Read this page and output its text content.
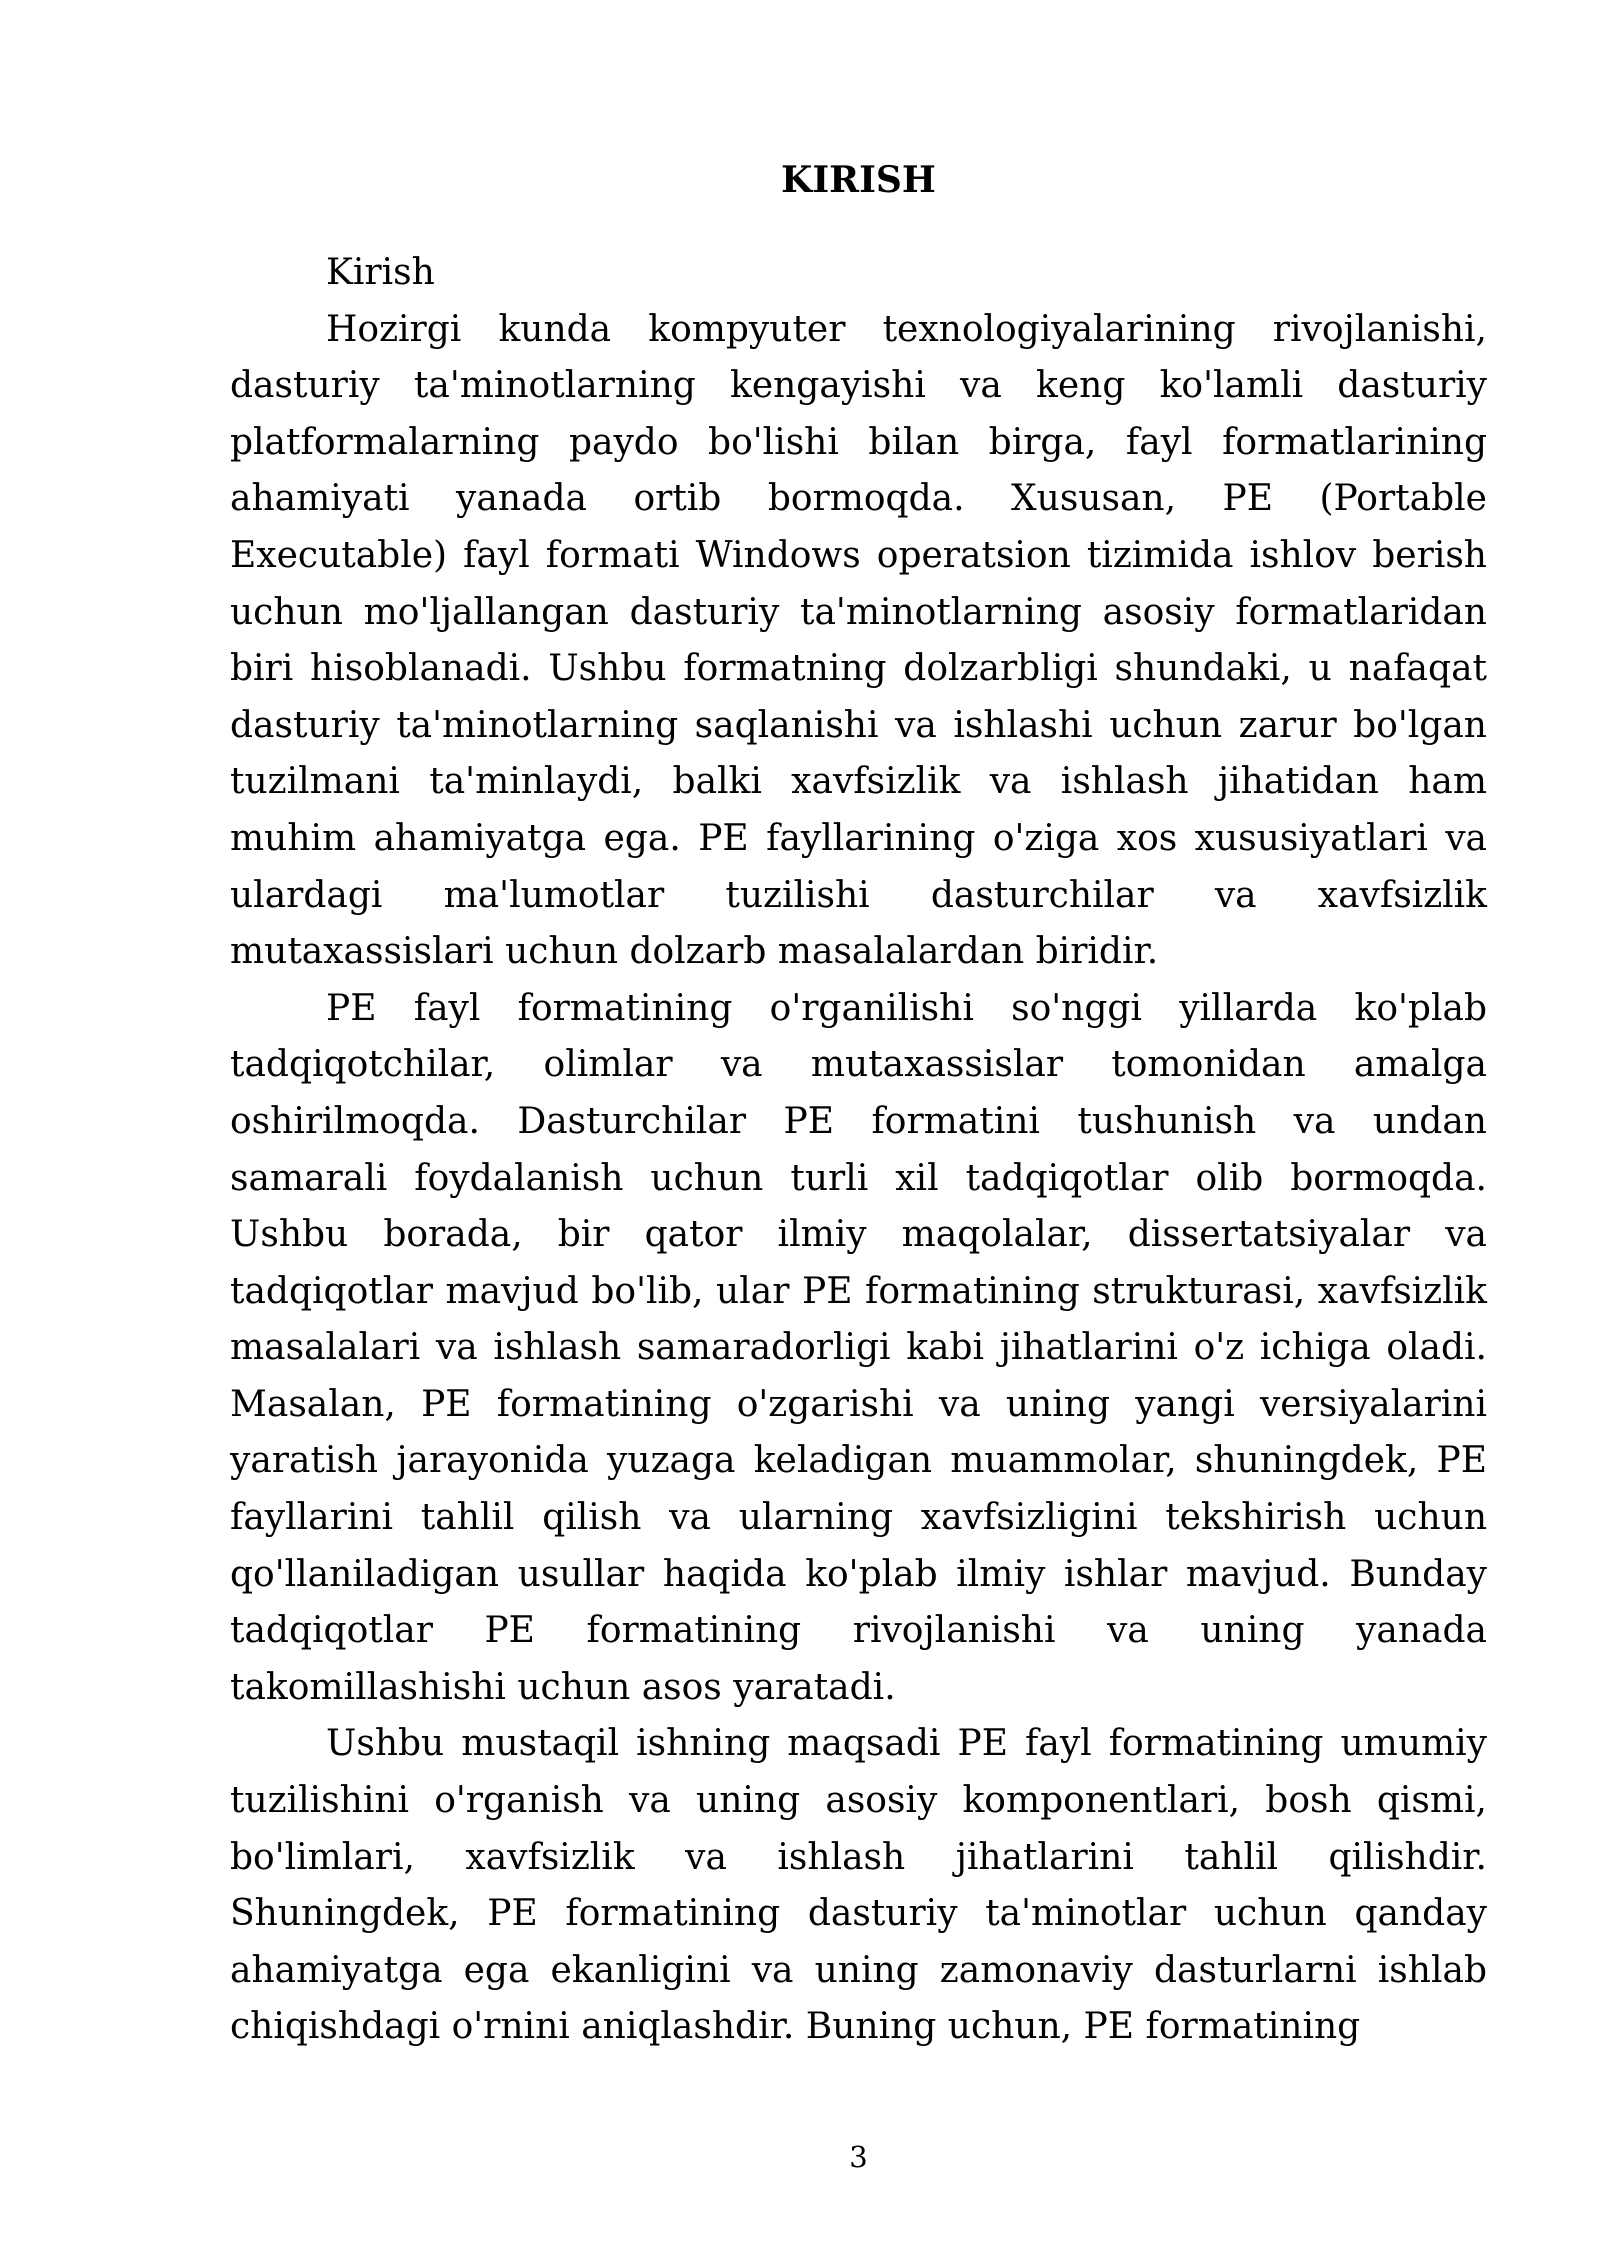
KIRISH

Kirish

Hozirgi kunda kompyuter texnologiyalarining rivojlanishi, dasturiy ta'minotlarning kengayishi va keng ko'lamli dasturiy platformalarning paydo bo'lishi bilan birga, fayl formatlarining ahamiyati yanada ortib bormoqda. Xususan, PE (Portable Executable) fayl formati Windows operatsion tizimida ishlov berish uchun mo'ljallangan dasturiy ta'minotlarning asosiy formatlaridan biri hisoblanadi. Ushbu formatning dolzarbligi shundaki, u nafaqat dasturiy ta'minotlarning saqlanishi va ishlashi uchun zarur bo'lgan tuzilmani ta'minlaydi, balki xavfsizlik va ishlash jihatidan ham muhim ahamiyatga ega. PE fayllarining o'ziga xos xususiyatlari va ulardagi ma'lumotlar tuzilishi dasturchilar va xavfsizlik mutaxassislari uchun dolzarb masalalardan biridir.

PE fayl formatining o'rganilishi so'nggi yillarda ko'plab tadqiqotchilar, olimlar va mutaxassislar tomonidan amalga oshirilmoqda. Dasturchilar PE formatini tushunish va undan samarali foydalanish uchun turli xil tadqiqotlar olib bormoqda. Ushbu borada, bir qator ilmiy maqolalar, dissertatsiyalar va tadqiqotlar mavjud bo'lib, ular PE formatining strukturasi, xavfsizlik masalalari va ishlash samaradorligi kabi jihatlarini o'z ichiga oladi. Masalan, PE formatining o'zgarishi va uning yangi versiyalarini yaratish jarayonida yuzaga keladigan muammolar, shuningdek, PE fayllarini tahlil qilish va ularning xavfsizligini tekshirish uchun qo'llaniladigan usullar haqida ko'plab ilmiy ishlar mavjud. Bunday tadqiqotlar PE formatining rivojlanishi va uning yanada takomillashishi uchun asos yaratadi.

Ushbu mustaqil ishning maqsadi PE fayl formatining umumiy tuzilishini o'rganish va uning asosiy komponentlari, bosh qismi, bo'limlari, xavfsizlik va ishlash jihatlarini tahlil qilishdir. Shuningdek, PE formatining dasturiy ta'minotlar uchun qanday ahamiyatga ega ekanligini va uning zamonaviy dasturlarni ishlab chiqishdagi o'rnini aniqlashdir. Buning uchun, PE formatining

3
